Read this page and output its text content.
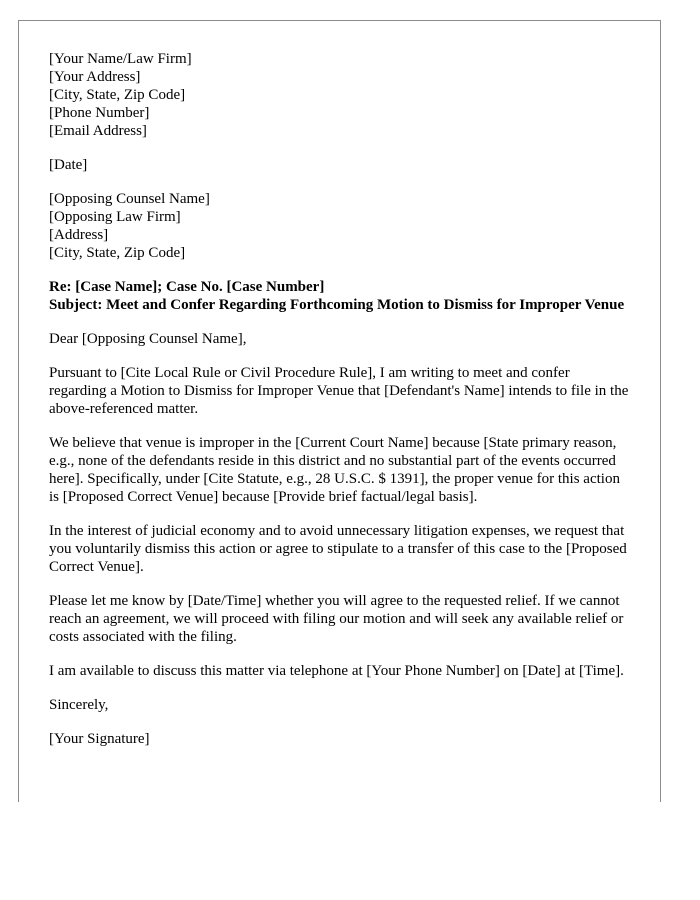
[Your Name/Law Firm]
[Your Address]
[City, State, Zip Code]
[Phone Number]
[Email Address]
[Date]
[Opposing Counsel Name]
[Opposing Law Firm]
[Address]
[City, State, Zip Code]
Re: [Case Name]; Case No. [Case Number]
Subject: Meet and Confer Regarding Forthcoming Motion to Dismiss for Improper Venue

Dear [Opposing Counsel Name],

Pursuant to [Cite Local Rule or Civil Procedure Rule], I am writing to meet and confer regarding a Motion to Dismiss for Improper Venue that [Defendant's Name] intends to file in the above-referenced matter.

We believe that venue is improper in the [Current Court Name] because [State primary reason, e.g., none of the defendants reside in this district and no substantial part of the events occurred here]. Specifically, under [Cite Statute, e.g., 28 U.S.C. $ 1391], the proper venue for this action is [Proposed Correct Venue] because [Provide brief factual/legal basis].

In the interest of judicial economy and to avoid unnecessary litigation expenses, we request that you voluntarily dismiss this action or agree to stipulate to a transfer of this case to the [Proposed Correct Venue].

Please let me know by [Date/Time] whether you will agree to the requested relief. If we cannot reach an agreement, we will proceed with filing our motion and will seek any available relief or costs associated with the filing.

I am available to discuss this matter via telephone at [Your Phone Number] on [Date] at [Time].

Sincerely,

[Your Signature]
